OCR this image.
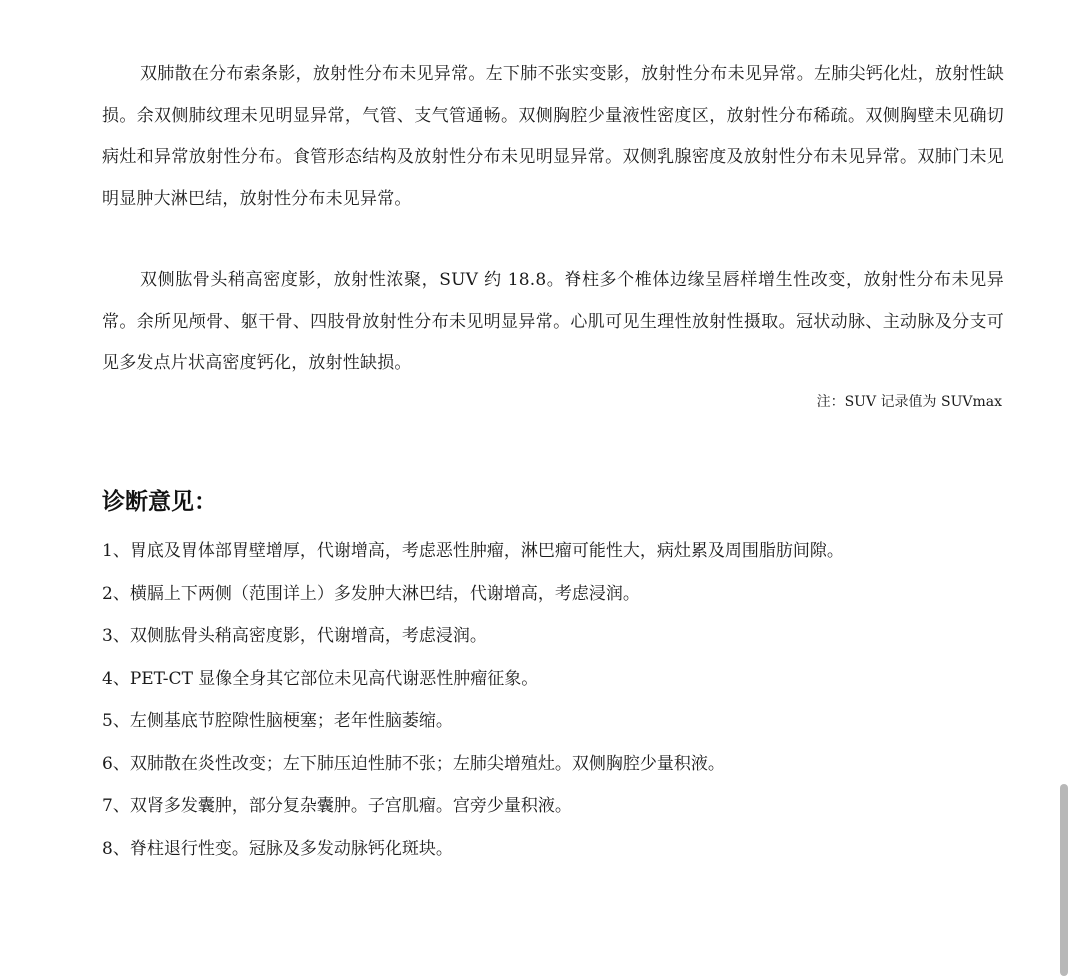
双肺散在分布索条影，放射性分布未见异常。左下肺不张实变影，放射性分布未见异常。左肺尖钙化灶，放射性缺损。余双侧肺纹理未见明显异常，气管、支气管通畅。双侧胸腔少量液性密度区，放射性分布稀疏。双侧胸壁未见确切病灶和异常放射性分布。食管形态结构及放射性分布未见明显异常。双侧乳腺密度及放射性分布未见异常。双肺门未见明显肿大淋巴结，放射性分布未见异常。

双侧肱骨头稍高密度影，放射性浓聚，SUV 约 18.8。脊柱多个椎体边缘呈唇样增生性改变，放射性分布未见异常。余所见颅骨、躯干骨、四肢骨放射性分布未见明显异常。心肌可见生理性放射性摄取。冠状动脉、主动脉及分支可见多发点片状高密度钙化，放射性缺损。

注：SUV 记录值为 SUVmax
诊断意见：
1、胃底及胃体部胃壁增厚，代谢增高，考虑恶性肿瘤，淋巴瘤可能性大，病灶累及周围脂肪间隙。
2、横膈上下两侧（范围详上）多发肿大淋巴结，代谢增高，考虑浸润。
3、双侧肱骨头稍高密度影，代谢增高，考虑浸润。
4、PET-CT 显像全身其它部位未见高代谢恶性肿瘤征象。
5、左侧基底节腔隙性脑梗塞；老年性脑萎缩。
6、双肺散在炎性改变；左下肺压迫性肺不张；左肺尖增殖灶。双侧胸腔少量积液。
7、双肾多发囊肿，部分复杂囊肿。子宫肌瘤。宫旁少量积液。
8、脊柱退行性变。冠脉及多发动脉钙化斑块。
